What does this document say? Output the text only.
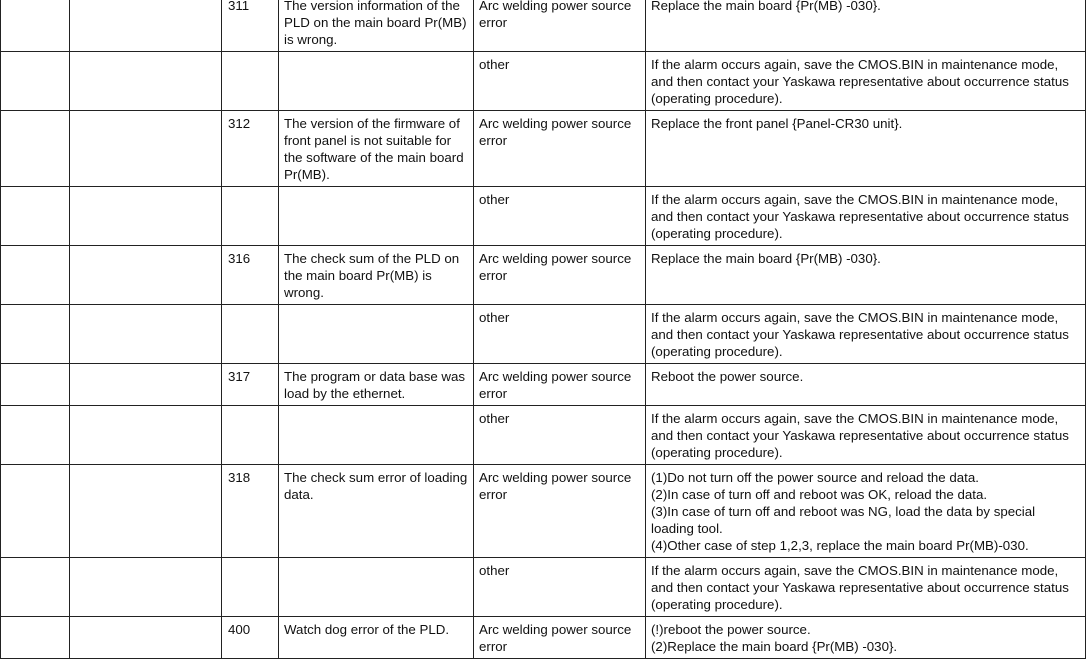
		311	The version information of the PLD on the main board Pr(MB) is wrong.	Arc welding power source error	Replace the main board {Pr(MB) -030}.
				other	If the alarm occurs again, save the CMOS.BIN in maintenance mode, and then contact your Yaskawa representative about occurrence status (operating procedure).
		312	The version of the firmware of front panel is not suitable for the software of the main board Pr(MB).	Arc welding power source error	Replace the front panel {Panel-CR30 unit}.
				other	If the alarm occurs again, save the CMOS.BIN in maintenance mode, and then contact your Yaskawa representative about occurrence status (operating procedure).
		316	The check sum of the PLD on the main board Pr(MB) is wrong.	Arc welding power source error	Replace the main board {Pr(MB) -030}.
				other	If the alarm occurs again, save the CMOS.BIN in maintenance mode, and then contact your Yaskawa representative about occurrence status (operating procedure).
		317	The program or data base was load by the ethernet.	Arc welding power source error	Reboot the power source.
				other	If the alarm occurs again, save the CMOS.BIN in maintenance mode, and then contact your Yaskawa representative about occurrence status (operating procedure).
		318	The check sum error of loading data.	Arc welding power source error	(1)Do not turn off the power source and reload the data.
(2)In case of turn off and reboot was OK, reload the data.
(3)In case of turn off and reboot was NG, load the data by special loading tool.
(4)Other case of step 1,2,3, replace the main board Pr(MB)-030.
				other	If the alarm occurs again, save the CMOS.BIN in maintenance mode, and then contact your Yaskawa representative about occurrence status (operating procedure).
		400	Watch dog error of the PLD.	Arc welding power source error	(!)reboot the power source.
(2)Replace the main board {Pr(MB) -030}.
